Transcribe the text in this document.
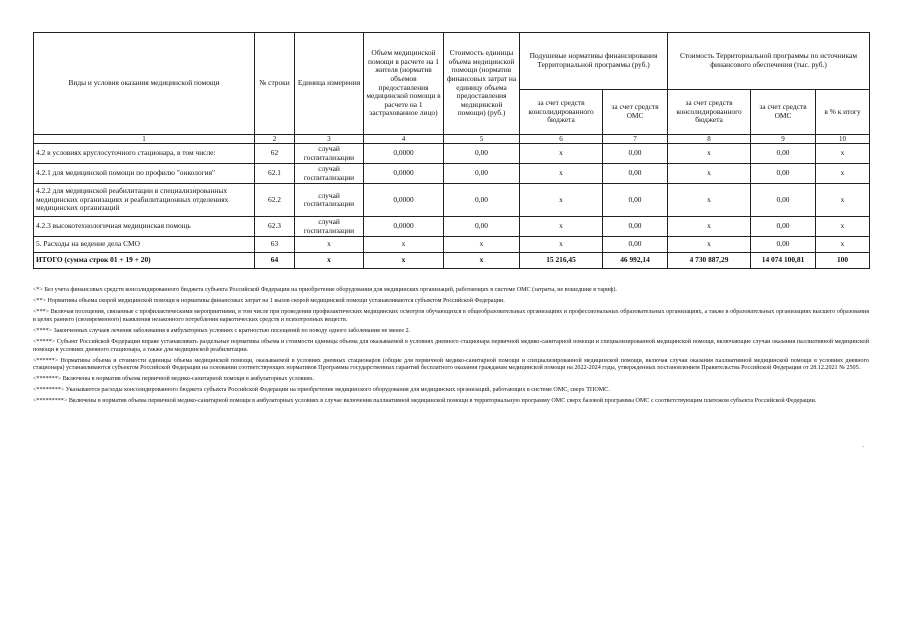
Виды и условия оказания медицинской помощи	№ строки	Единица измерения	Объем медицинской помощи в расчете на 1 жителя (норматив объемов предоставления медицинской помощи в расчете на 1 застрахованное лицо)	Стоимость единицы объема медицинской помощи (норматив финансовых затрат на единицу объема предоставления медицинской помощи) (руб.)	Подушевые нормативы финансирования Территориальной программы (руб.)		Стоимость Территориальной программы по источникам финансового обеспечения (тыс. руб.)		
					за счет средств консолидированного бюджета	за счет средств ОМС	за счет средств консолидированного бюджета	за счет средств ОМС	в % к итогу
1	2	3	4	5	6	7	8	9	10
4.2 в условиях круглосуточного стационара, в том числе:	62	случай госпитализации	0,0000	0,00	х	0,00	х	0,00	х
4.2.1 для медицинской помощи по профилю "онкология"	62.1	случай госпитализации	0,0000	0,00	х	0,00	х	0,00	х
4.2.2 для медицинской реабилитации в специализированных медицинских организациях и реабилитационных отделениях медицинских организаций	62.2	случай госпитализации	0,0000	0,00	х	0,00	х	0,00	х
4.2.3 высокотехнологичная медицинская помощь	62.3	случай госпитализации	0,0000	0,00	х	0,00	х	0,00	х
5. Расходы на ведение дела СМО	63	х	х	х	х	0,00	х	0,00	х
ИТОГО (сумма строк 01 + 19 + 20)	64	х	х	х	15 216,45	46 992,14	4 730 887,29	14 074 100,81	100

<*> Без учета финансовых средств консолидированного бюджета субъекта Российской Федерации на приобретение оборудования для медицинских организаций, работающих в системе ОМС (затраты, не вошедшие в тариф).

<**> Нормативы объема скорой медицинской помощи и нормативы финансовых затрат на 1 вызов скорой медицинской помощи устанавливаются субъектом Российской Федерации.

<***> Включая посещения, связанные с профилактическими мероприятиями, в том числе при проведении профилактических медицинских осмотров обучающихся в общеобразовательных организациях и профессиональных образовательных организациях, а также в образовательных организациях высшего образования в целях раннего (своевременного) выявления незаконного потребления наркотических средств и психотропных веществ.

<****> Законченных случаев лечения заболевания в амбулаторных условиях с кратностью посещений по поводу одного заболевания не менее 2.

<*****> Субъект Российской Федерации вправе устанавливать раздельные нормативы объема и стоимости единицы объема для оказываемой в условиях дневного стационара первичной медико-санитарной помощи и специализированной медицинской помощи, включающие случаи оказания паллиативной медицинской помощи в условиях дневного стационара, а также для медицинской реабилитации.

<******> Нормативы объема и стоимости единицы объема медицинской помощи, оказываемой в условиях дневных стационаров (общие для первичной медико-санитарной помощи и специализированной медицинской помощи, включая случаи оказания паллиативной медицинской помощи в условиях дневного стационара) устанавливаются субъектом Российской Федерации на основании соответствующих нормативов Программы государственных гарантий бесплатного оказания гражданам медицинской помощи на 2022-2024 годы, утвержденных постановлением Правительства Российской Федерации от 28.12.2021 № 2505.

<*******> Включены в норматив объема первичной медико-санитарной помощи в амбулаторных условиях.

<********> Указываются расходы консолидированного бюджета субъекта Российской Федерации на приобретение медицинского оборудования для медицинских организаций, работающих в системе ОМС, сверх ТПОМС.

<*********> Включены в норматив объема первичной медико-санитарной помощи в амбулаторных условиях в случае включения паллиативной медицинской помощи в территориальную программу ОМС сверх базовой программы ОМС с соответствующим платежом субъекта Российской Федерации.

·
